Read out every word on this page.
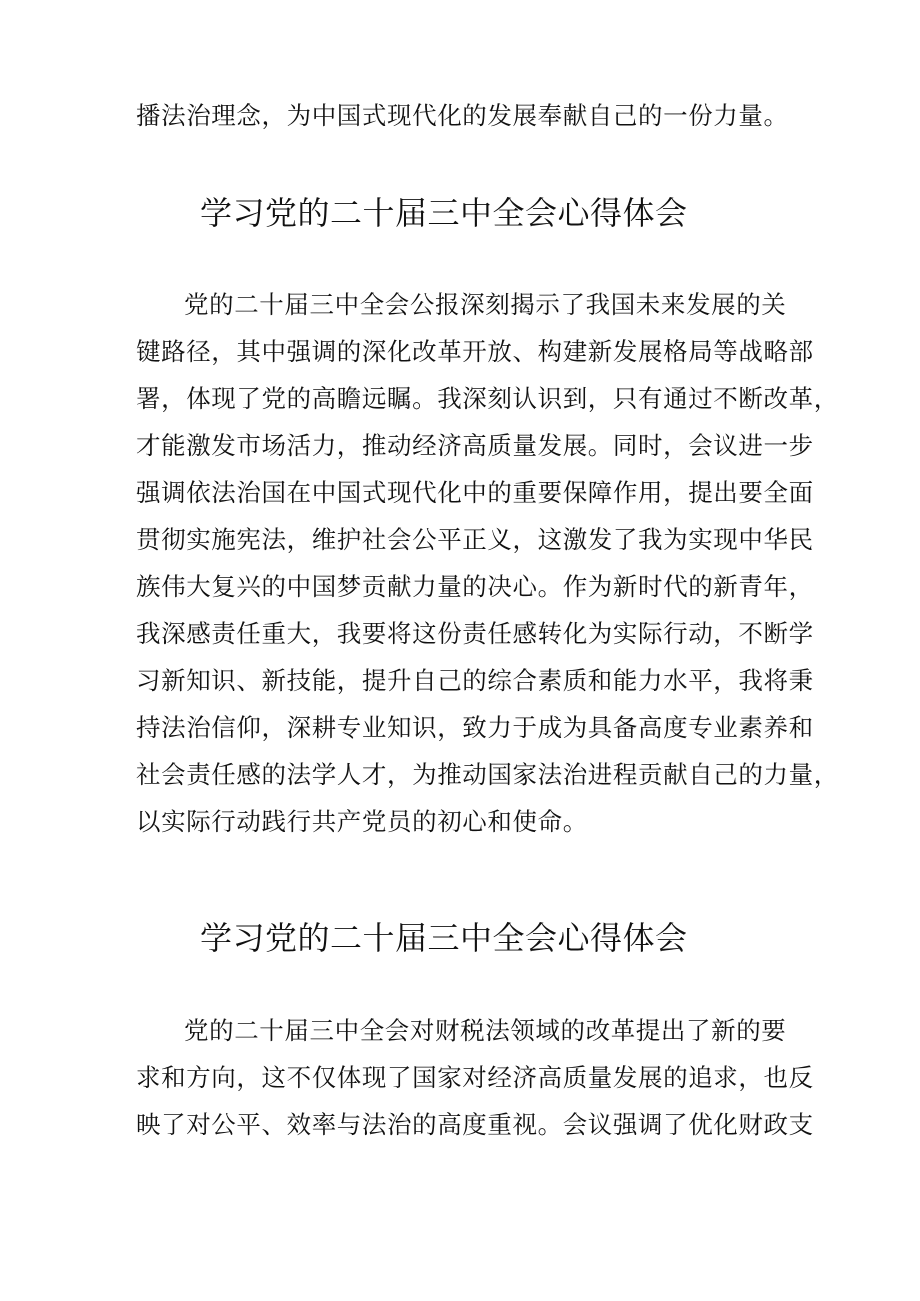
播法治理念，为中国式现代化的发展奉献自己的一份力量。
学习党的二十届三中全会心得体会
党的二十届三中全会公报深刻揭示了我国未来发展的关
键路径，其中强调的深化改革开放、构建新发展格局等战略部
署，体现了党的高瞻远瞩。我深刻认识到，只有通过不断改革，
才能激发市场活力，推动经济高质量发展。同时，会议进一步
强调依法治国在中国式现代化中的重要保障作用，提出要全面
贯彻实施宪法，维护社会公平正义，这激发了我为实现中华民
族伟大复兴的中国梦贡献力量的决心。作为新时代的新青年，
我深感责任重大，我要将这份责任感转化为实际行动，不断学
习新知识、新技能，提升自己的综合素质和能力水平，我将秉
持法治信仰，深耕专业知识，致力于成为具备高度专业素养和
社会责任感的法学人才，为推动国家法治进程贡献自己的力量，
以实际行动践行共产党员的初心和使命。
学习党的二十届三中全会心得体会
党的二十届三中全会对财税法领域的改革提出了新的要
求和方向，这不仅体现了国家对经济高质量发展的追求，也反
映了对公平、效率与法治的高度重视。会议强调了优化财政支
